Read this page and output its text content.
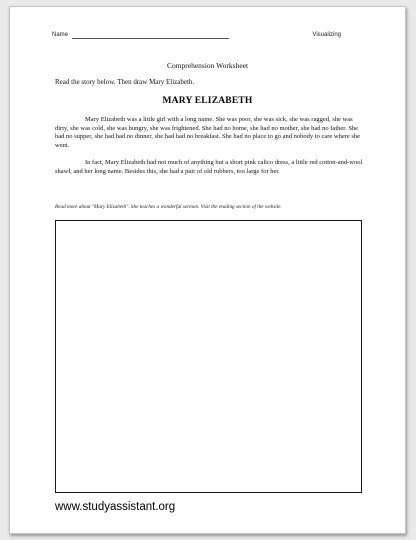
Name	Visualizing
Comprehension Worksheet
Read the story below. Then draw Mary Elizabeth.
MARY ELIZABETH

Mary Elizabeth was a little girl with a long name. She was poor, she was sick, she was ragged, she was dirty, she was cold, she was hungry, she was frightened. She had no home, she had no mother, she had no father. She had no supper, she had had no dinner, she had had no breakfast. She had no place to go and nobody to care where she went.

In fact, Mary Elizabeth had not much of anything but a short pink calico dress, a little red cotton-and-wool shawl, and her long name. Besides this, she had a pair of old rubbers, too large for her.

Read more about "Mary Elizabeth". She teaches a wonderful sermon. Visit the reading section of the website.
www.studyassistant.org
